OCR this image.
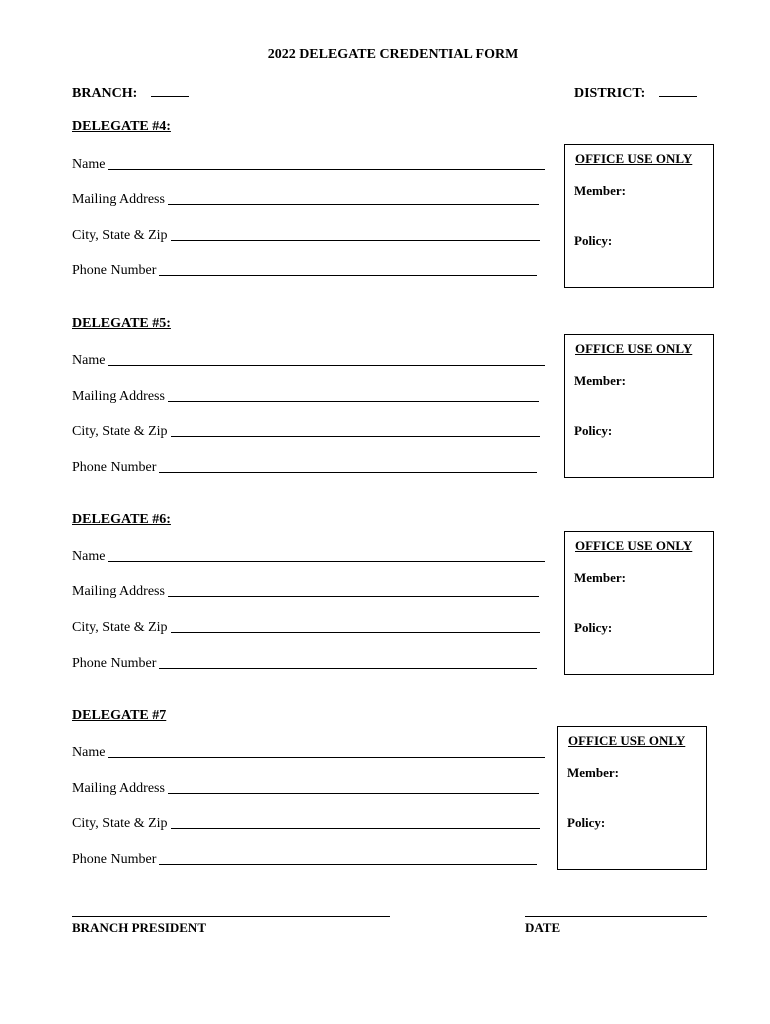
2022 DELEGATE CREDENTIAL FORM
BRANCH:	DISTRICT:
DELEGATE #4:
Name
Mailing Address
City, State & Zip
Phone Number
OFFICE USE ONLY
Member:
Policy:
DELEGATE #5:
Name
Mailing Address
City, State & Zip
Phone Number
OFFICE USE ONLY
Member:
Policy:
DELEGATE #6:
Name
Mailing Address
City, State & Zip
Phone Number
OFFICE USE ONLY
Member:
Policy:
DELEGATE #7
Name
Mailing Address
City, State & Zip
Phone Number
OFFICE USE ONLY
Member:
Policy:
BRANCH PRESIDENT	DATE
